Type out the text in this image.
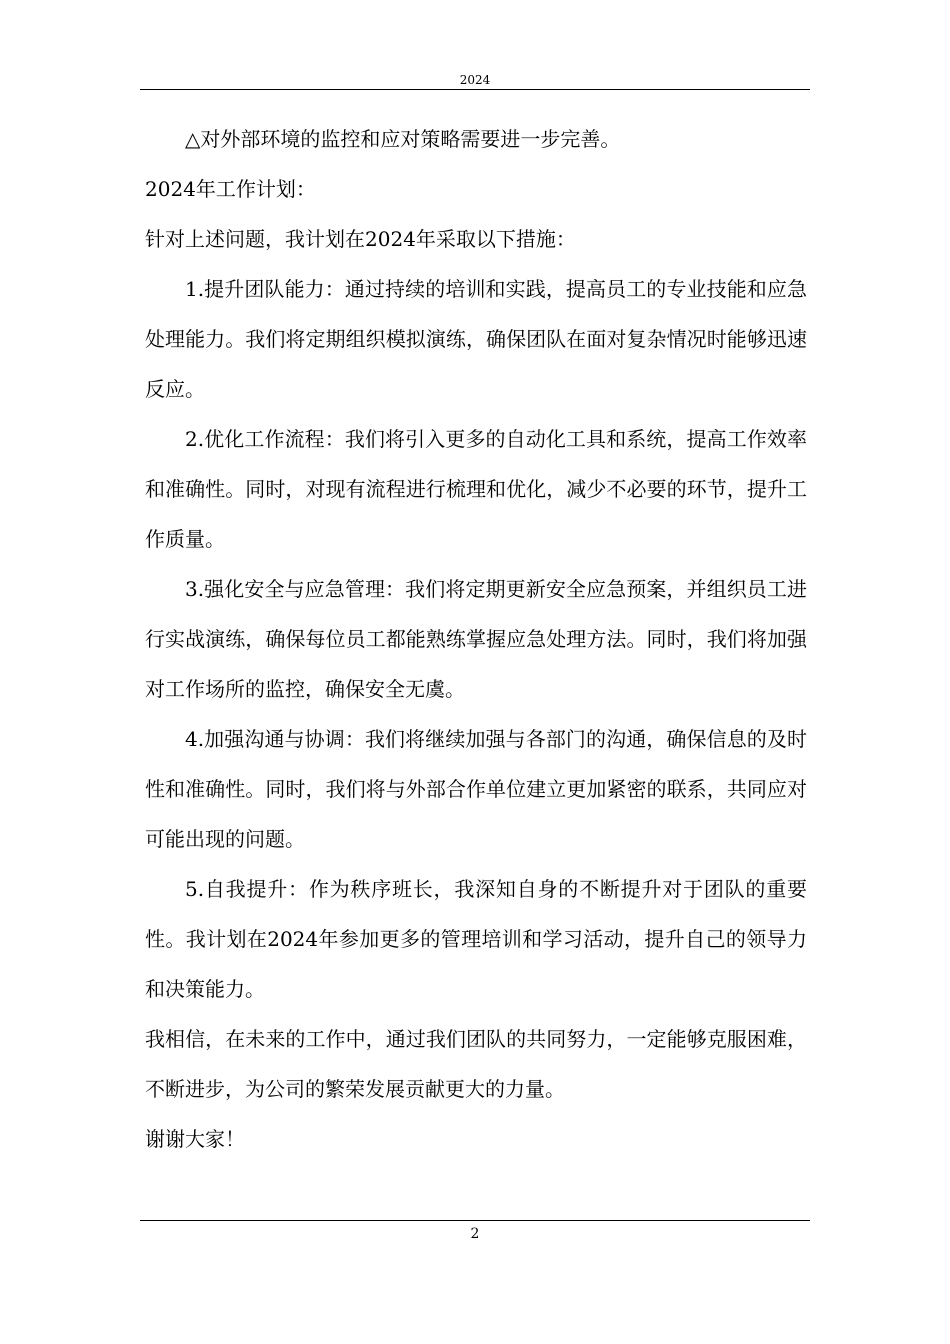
2024

△对外部环境的监控和应对策略需要进一步完善。

2024年工作计划：

针对上述问题，我计划在2024年采取以下措施：

1.提升团队能力：通过持续的培训和实践，提高员工的专业技能和应急处理能力。我们将定期组织模拟演练，确保团队在面对复杂情况时能够迅速反应。

2.优化工作流程：我们将引入更多的自动化工具和系统，提高工作效率和准确性。同时，对现有流程进行梳理和优化，减少不必要的环节，提升工作质量。

3.强化安全与应急管理：我们将定期更新安全应急预案，并组织员工进行实战演练，确保每位员工都能熟练掌握应急处理方法。同时，我们将加强对工作场所的监控，确保安全无虞。

4.加强沟通与协调：我们将继续加强与各部门的沟通，确保信息的及时性和准确性。同时，我们将与外部合作单位建立更加紧密的联系，共同应对可能出现的问题。

5.自我提升：作为秩序班长，我深知自身的不断提升对于团队的重要性。我计划在2024年参加更多的管理培训和学习活动，提升自己的领导力和决策能力。

我相信，在未来的工作中，通过我们团队的共同努力，一定能够克服困难，不断进步，为公司的繁荣发展贡献更大的力量。

谢谢大家！

2
